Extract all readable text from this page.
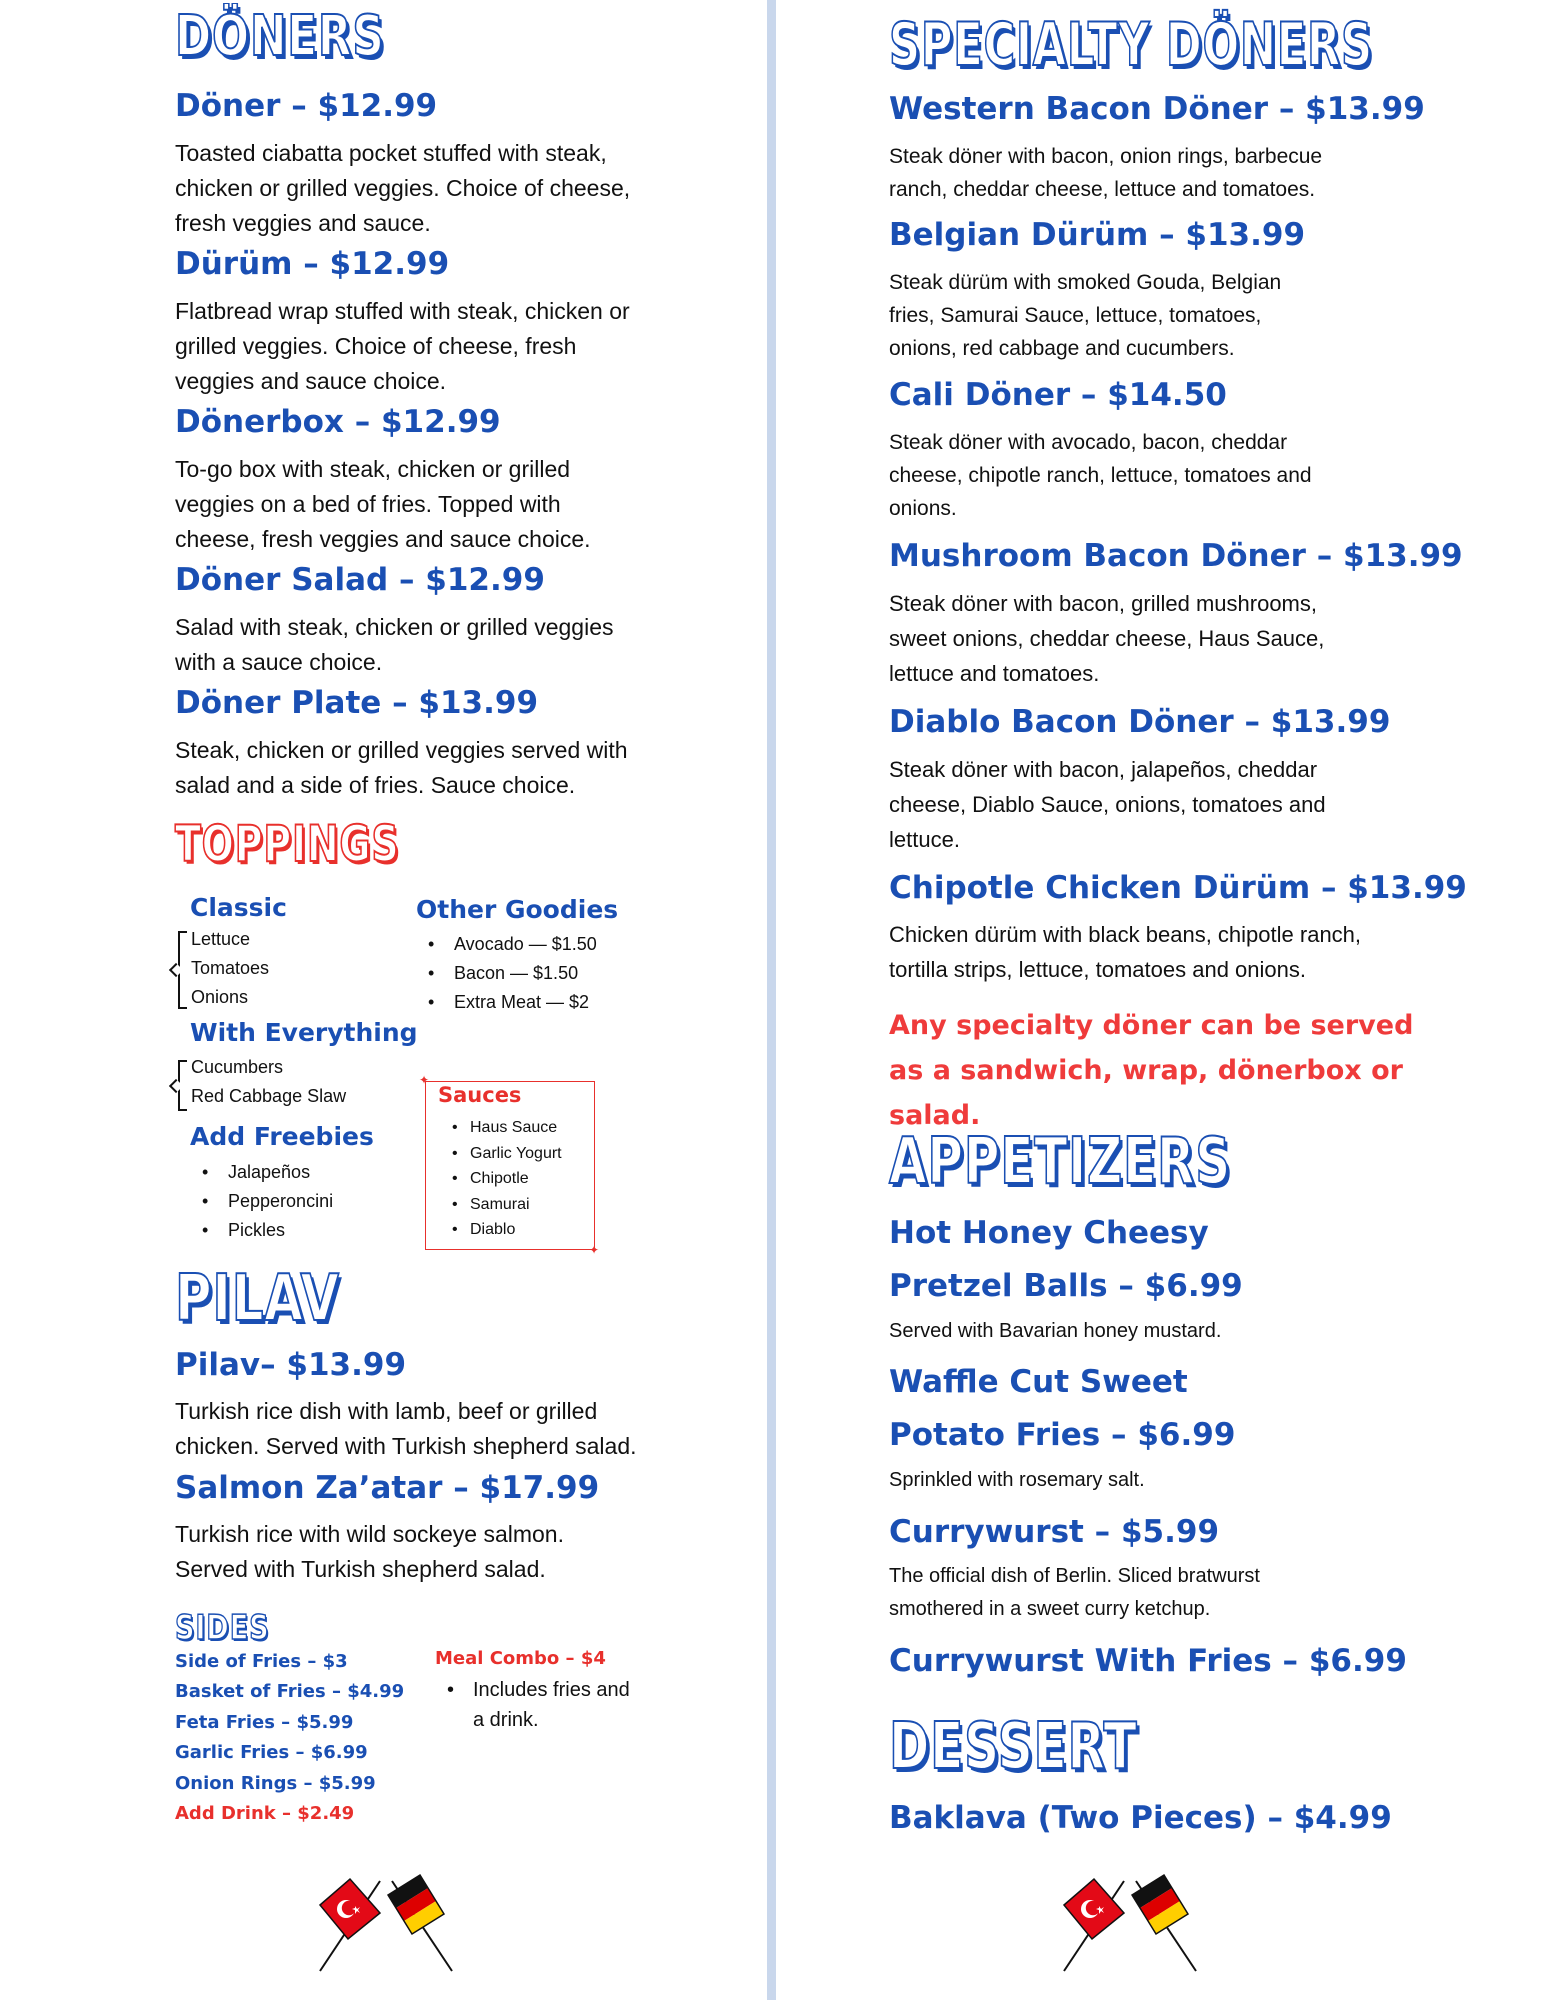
DÖNERS
Döner – $12.99
Toasted ciabatta pocket stuffed with steak, chicken or grilled veggies. Choice of cheese, fresh veggies and sauce.
Dürüm – $12.99
Flatbread wrap stuffed with steak, chicken or grilled veggies. Choice of cheese, fresh veggies and sauce choice.
Dönerbox – $12.99
To-go box with steak, chicken or grilled veggies on a bed of fries. Topped with cheese, fresh veggies and sauce choice.
Döner Salad – $12.99
Salad with steak, chicken or grilled veggies with a sauce choice.
Döner Plate – $13.99
Steak, chicken or grilled veggies served with salad and a side of fries. Sauce choice.
TOPPINGS
Classic
Lettuce
Tomatoes
Onions
With Everything
Cucumbers
Red Cabbage Slaw
Add Freebies
• Jalapeños
• Pepperoncini
• Pickles
Other Goodies
• Avocado — $1.50
• Bacon — $1.50
• Extra Meat — $2
✦
✦
Sauces
• Haus Sauce
• Garlic Yogurt
• Chipotle
• Samurai
• Diablo
PILAV
Pilav– $13.99
Turkish rice dish with lamb, beef or grilled chicken. Served with Turkish shepherd salad.
Salmon Za’atar – $17.99
Turkish rice with wild sockeye salmon. Served with Turkish shepherd salad.
SIDES
Side of Fries – $3
Basket of Fries – $4.99
Feta Fries – $5.99
Garlic Fries – $6.99
Onion Rings – $5.99
Add Drink – $2.49
Meal Combo – $4
• Includes fries and a drink.
SPECIALTY DÖNERS
Western Bacon Döner – $13.99
Steak döner with bacon, onion rings, barbecue ranch, cheddar cheese, lettuce and tomatoes.
Belgian Dürüm – $13.99
Steak dürüm with smoked Gouda, Belgian fries, Samurai Sauce, lettuce, tomatoes, onions, red cabbage and cucumbers.
Cali Döner – $14.50
Steak döner with avocado, bacon, cheddar cheese, chipotle ranch, lettuce, tomatoes and onions.
Mushroom Bacon Döner – $13.99
Steak döner with bacon, grilled mushrooms, sweet onions, cheddar cheese, Haus Sauce, lettuce and tomatoes.
Diablo Bacon Döner – $13.99
Steak döner with bacon, jalapeños, cheddar cheese, Diablo Sauce, onions, tomatoes and lettuce.
Chipotle Chicken Dürüm – $13.99
Chicken dürüm with black beans, chipotle ranch, tortilla strips, lettuce, tomatoes and onions.
Any specialty döner can be served as a sandwich, wrap, dönerbox or salad.
APPETIZERS
Hot Honey Cheesy
Pretzel Balls – $6.99
Served with Bavarian honey mustard.
Waffle Cut Sweet
Potato Fries – $6.99
Sprinkled with rosemary salt.
Currywurst – $5.99
The official dish of Berlin. Sliced bratwurst smothered in a sweet curry ketchup.
Currywurst With Fries – $6.99
DESSERT
Baklava (Two Pieces) – $4.99
